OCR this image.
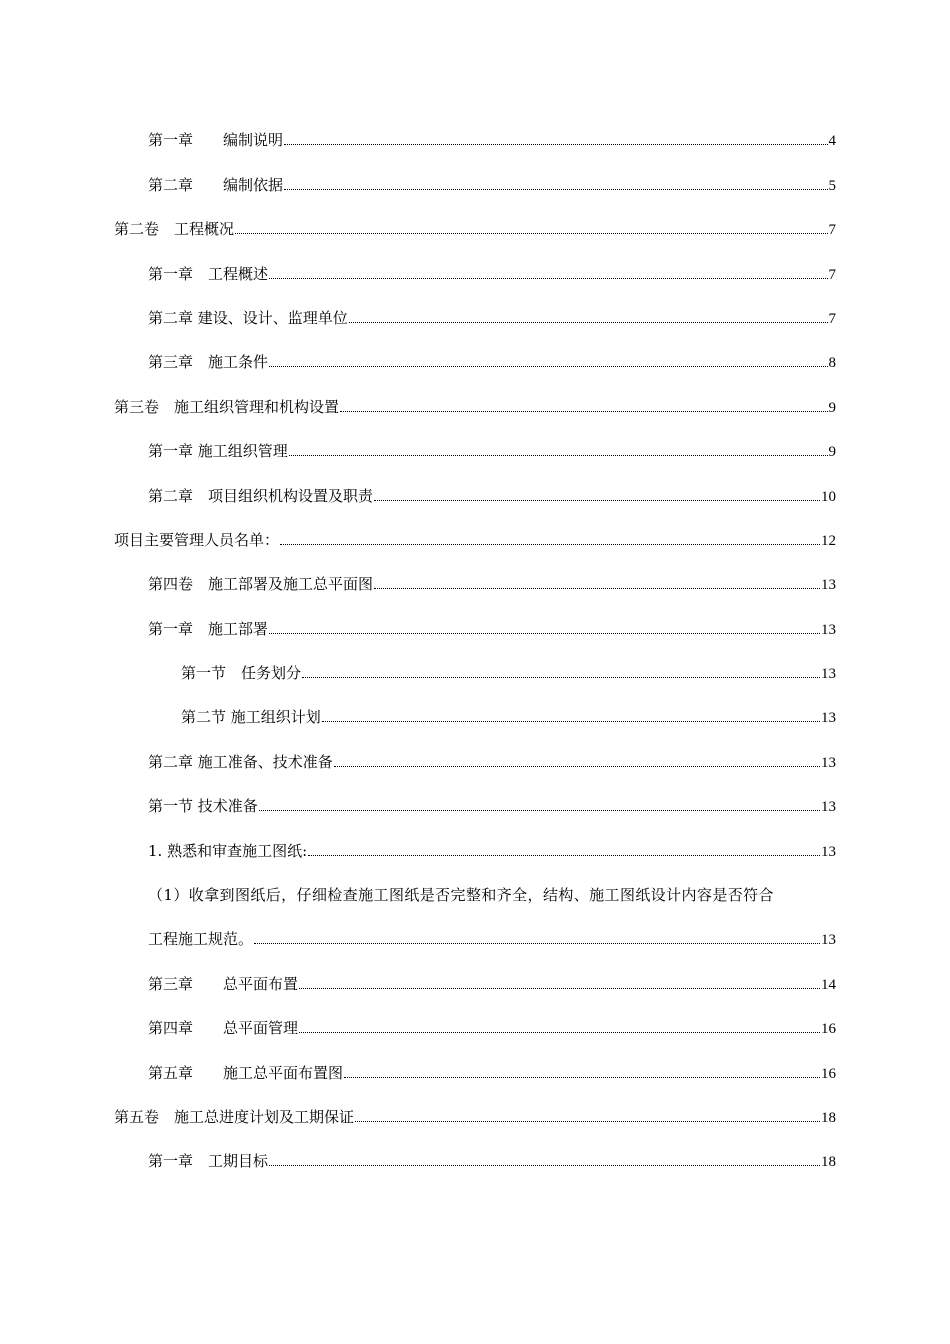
第一章　　编制说明	4
第二章　　编制依据	5
第二卷　工程概况	7
第一章　工程概述	7
第二章 建设、设计、监理单位	7
第三章　施工条件	8
第三卷　施工组织管理和机构设置	9
第一章 施工组织管理	9
第二章　项目组织机构设置及职责	10
项目主要管理人员名单：	12
第四卷　施工部署及施工总平面图	13
第一章　施工部署	13
第一节　任务划分	13
第二节 施工组织计划	13
第二章 施工准备、技术准备	13
第一节 技术准备	13
1. 熟悉和审查施工图纸:	13
（1）收拿到图纸后，仔细检查施工图纸是否完整和齐全，结构、施工图纸设计内容是否符合
工程施工规范。	13
第三章　　总平面布置	14
第四章　　总平面管理	16
第五章　　施工总平面布置图	16
第五卷　施工总进度计划及工期保证	18
第一章　工期目标	18
